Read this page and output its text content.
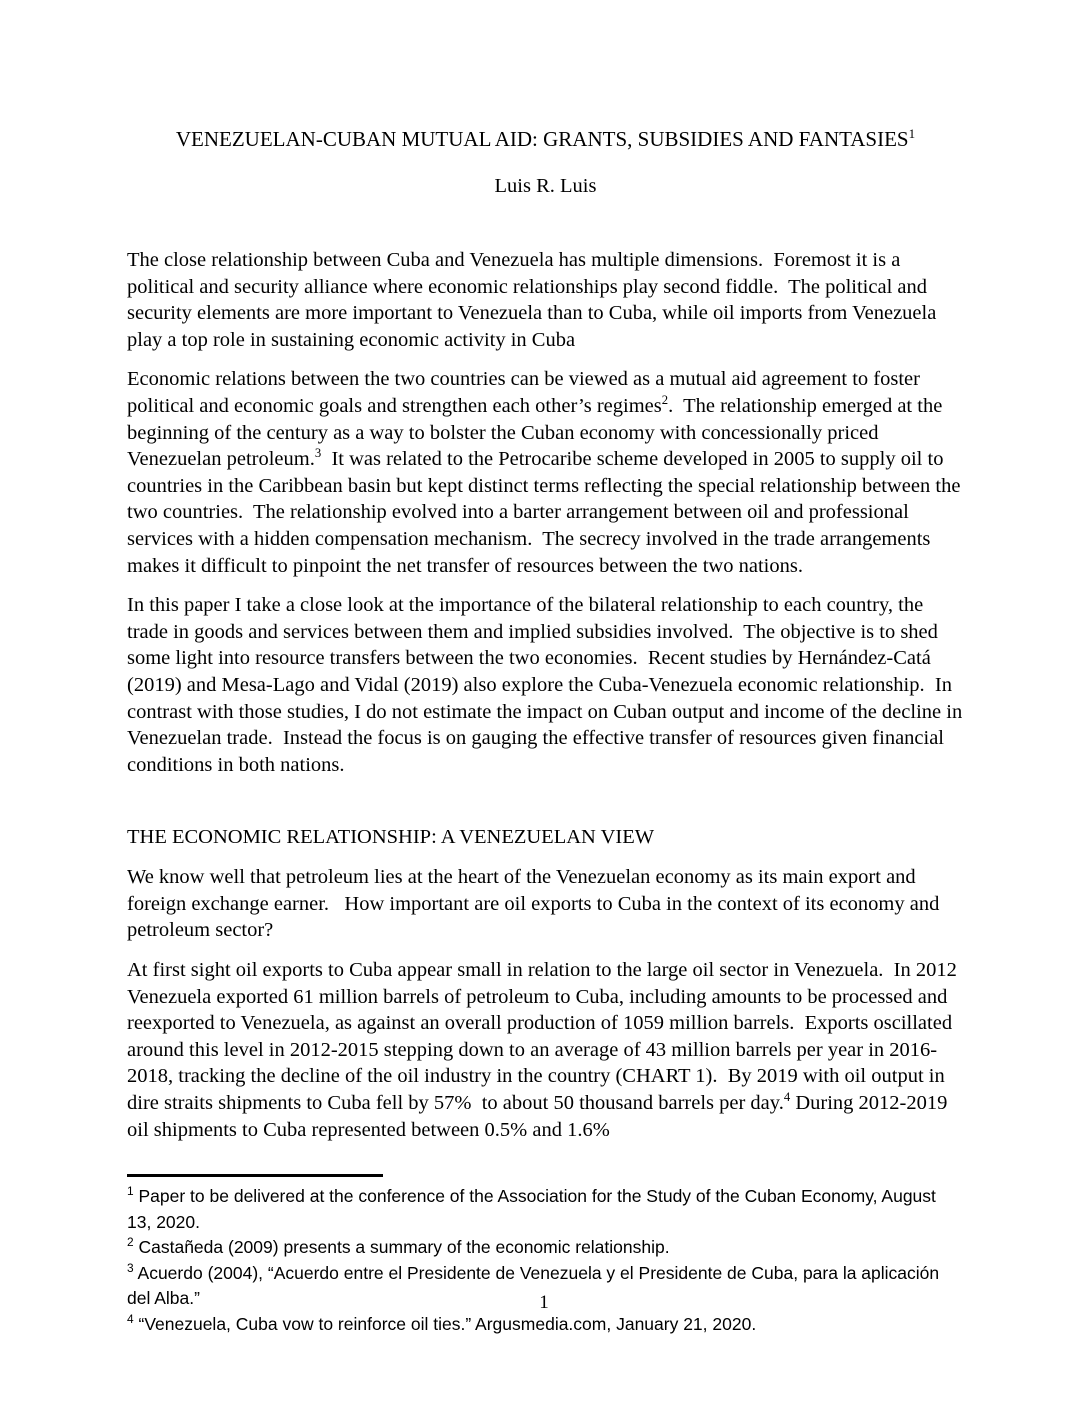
VENEZUELAN-CUBAN MUTUAL AID: GRANTS, SUBSIDIES AND FANTASIES$^1$
Luis R. Luis

The close relationship between Cuba and Venezuela has multiple dimensions.  Foremost it is a political and security alliance where economic relationships play second fiddle.  The political and security elements are more important to Venezuela than to Cuba, while oil imports from Venezuela play a top role in sustaining economic activity in Cuba

Economic relations between the two countries can be viewed as a mutual aid agreement to foster political and economic goals and strengthen each other’s regimes$^2$.  The relationship emerged at the beginning of the century as a way to bolster the Cuban economy with concessionally priced Venezuelan petroleum.$^3$  It was related to the Petrocaribe scheme developed in 2005 to supply oil to countries in the Caribbean basin but kept distinct terms reflecting the special relationship between the two countries.  The relationship evolved into a barter arrangement between oil and professional services with a hidden compensation mechanism.  The secrecy involved in the trade arrangements makes it difficult to pinpoint the net transfer of resources between the two nations.

In this paper I take a close look at the importance of the bilateral relationship to each country, the trade in goods and services between them and implied subsidies involved.  The objective is to shed some light into resource transfers between the two economies.  Recent studies by Hernández-Catá (2019) and Mesa-Lago and Vidal (2019) also explore the Cuba-Venezuela economic relationship.  In contrast with those studies, I do not estimate the impact on Cuban output and income of the decline in Venezuelan trade.  Instead the focus is on gauging the effective transfer of resources given financial conditions in both nations.

THE ECONOMIC RELATIONSHIP: A VENEZUELAN VIEW

We know well that petroleum lies at the heart of the Venezuelan economy as its main export and foreign exchange earner.   How important are oil exports to Cuba in the context of its economy and petroleum sector?

At first sight oil exports to Cuba appear small in relation to the large oil sector in Venezuela.  In 2012 Venezuela exported 61 million barrels of petroleum to Cuba, including amounts to be processed and reexported to Venezuela, as against an overall production of 1059 million barrels.  Exports oscillated around this level in 2012-2015 stepping down to an average of 43 million barrels per year in 2016-2018, tracking the decline of the oil industry in the country (CHART 1).  By 2019 with oil output in dire straits shipments to Cuba fell by 57%  to about 50 thousand barrels per day.$^4$ During 2012-2019 oil shipments to Cuba represented between 0.5% and 1.6%

$^1$ Paper to be delivered at the conference of the Association for the Study of the Cuban Economy, August 13, 2020.

$^2$ Castañeda (2009) presents a summary of the economic relationship.

$^3$ Acuerdo (2004), “Acuerdo entre el Presidente de Venezuela y el Presidente de Cuba, para la aplicación del Alba.”

$^4$ “Venezuela, Cuba vow to reinforce oil ties.” Argusmedia.com, January 21, 2020.

1
